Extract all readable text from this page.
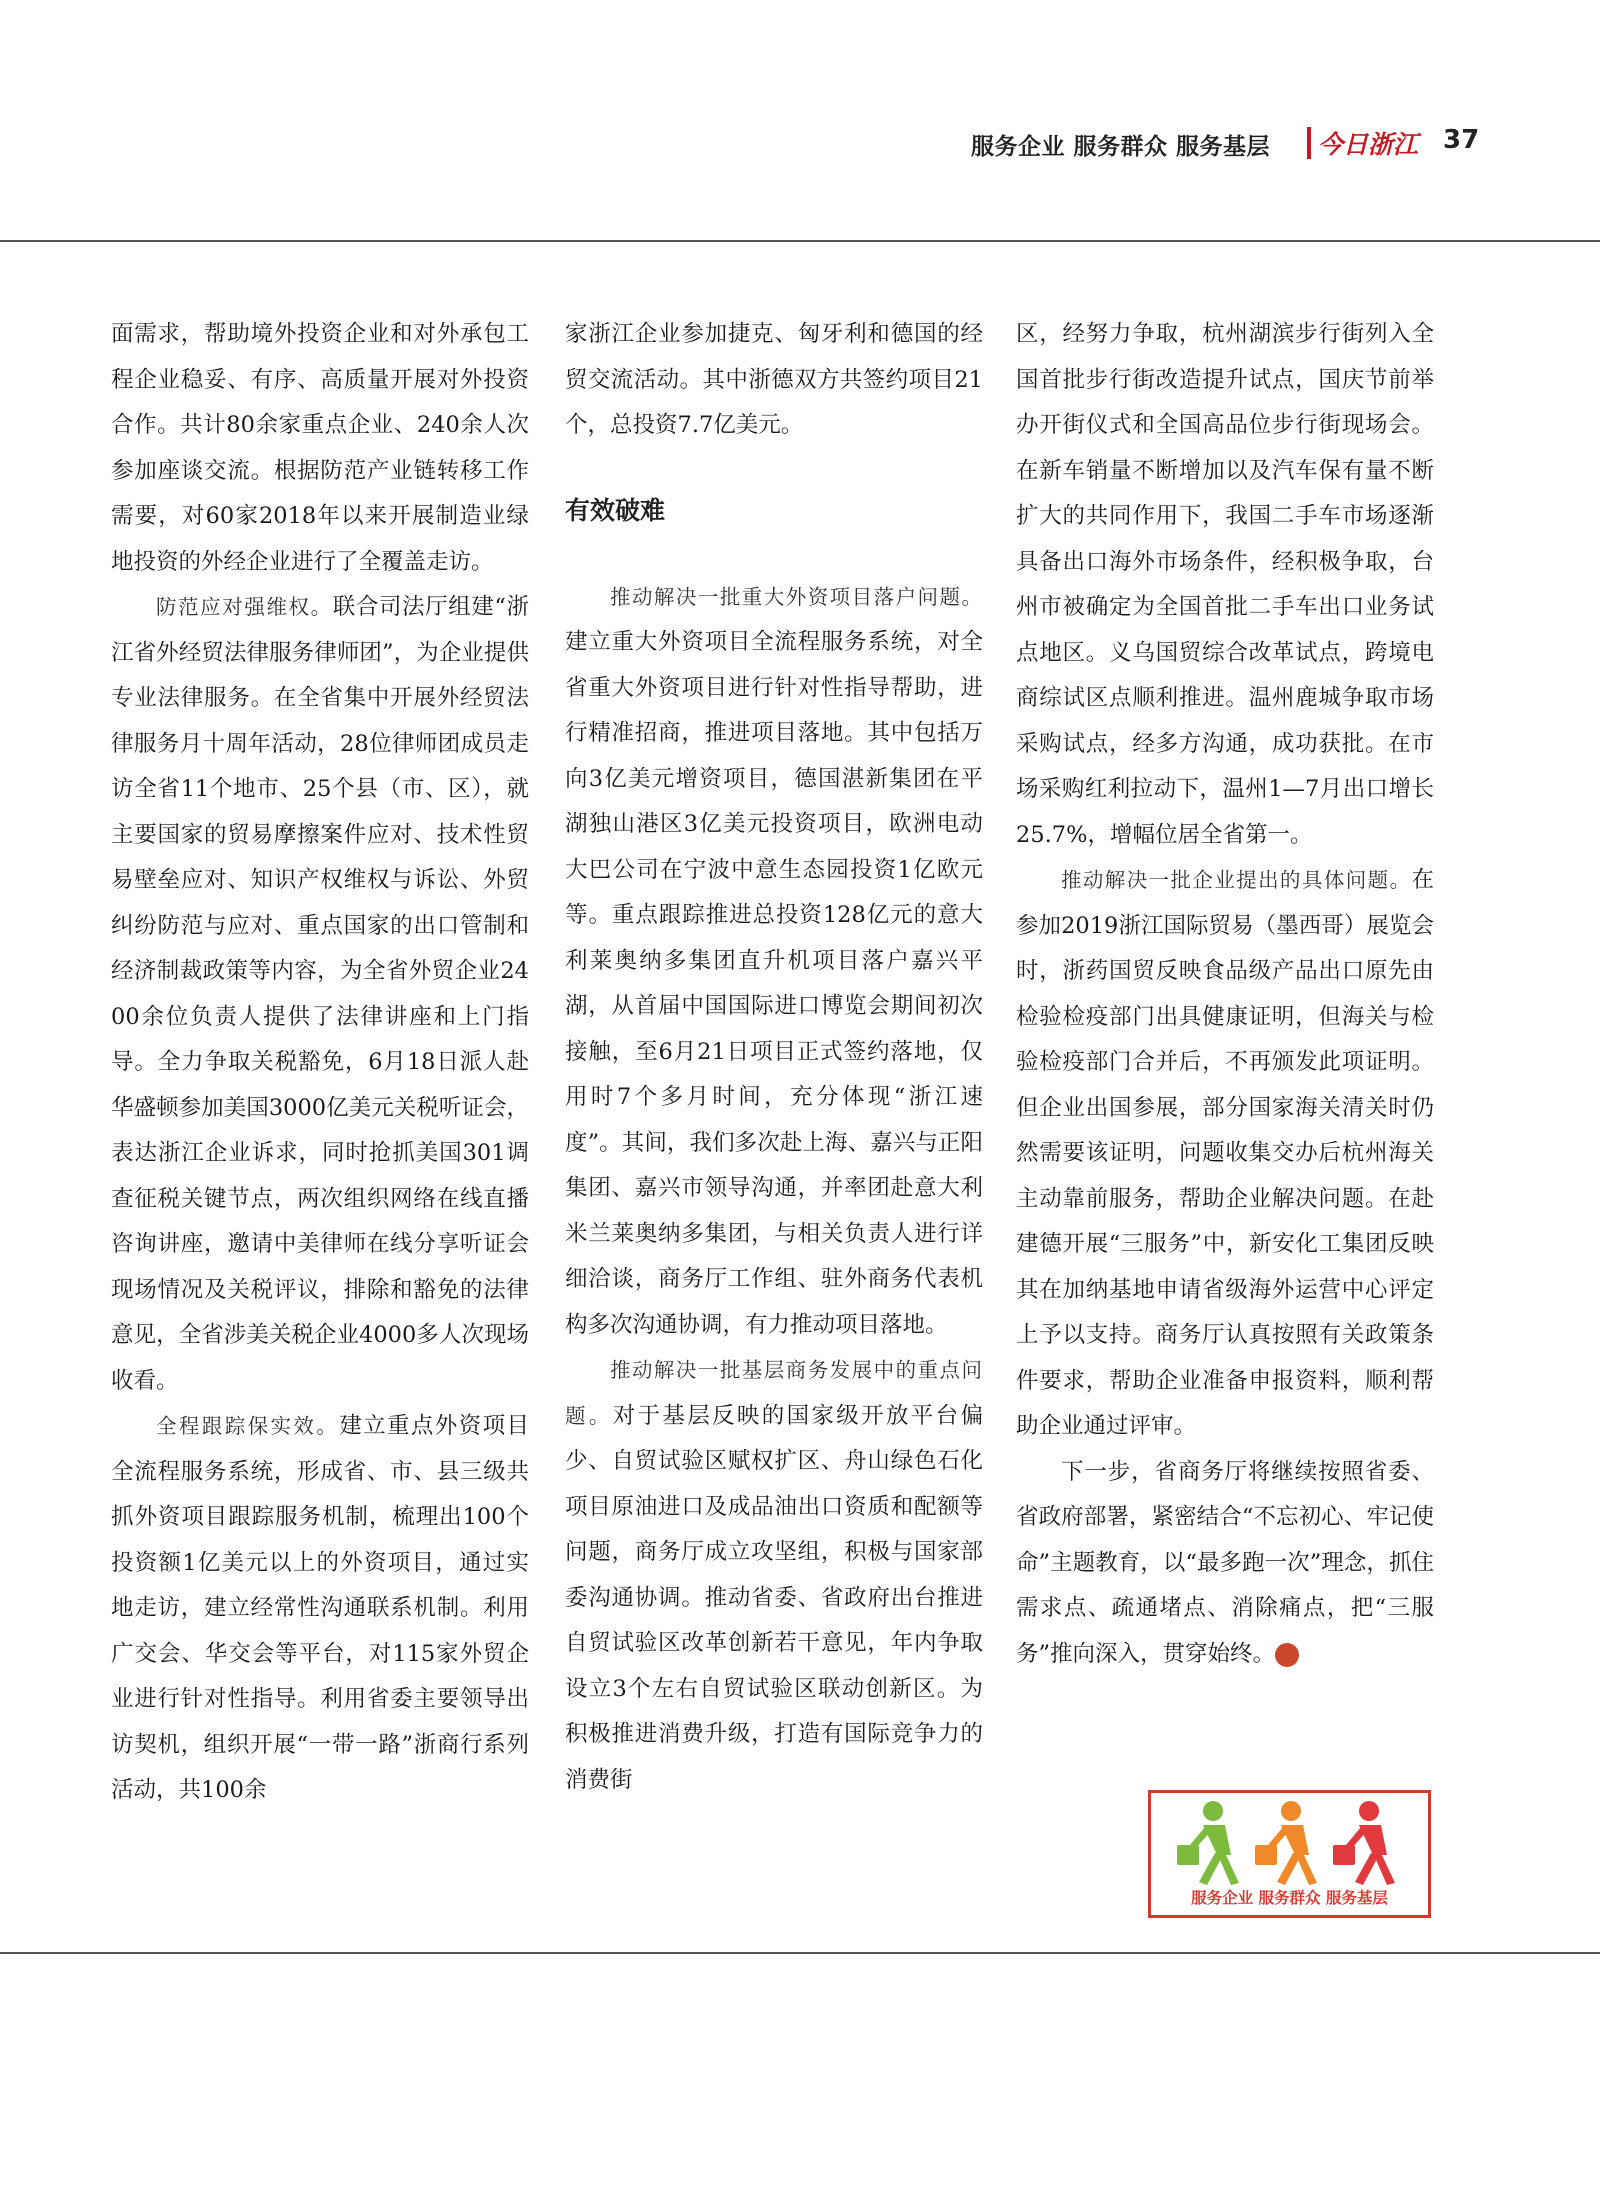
服务企业 服务群众 服务基层 今日浙江 37

面需求，帮助境外投资企业和对外承包工程企业稳妥、有序、高质量开展对外投资合作。共计80余家重点企业、240余人次参加座谈交流。根据防范产业链转移工作需要，对60家2018年以来开展制造业绿地投资的外经企业进行了全覆盖走访。

防范应对强维权。联合司法厅组建“浙江省外经贸法律服务律师团”，为企业提供专业法律服务。在全省集中开展外经贸法律服务月十周年活动，28位律师团成员走访全省11个地市、25个县（市、区），就主要国家的贸易摩擦案件应对、技术性贸易壁垒应对、知识产权维权与诉讼、外贸纠纷防范与应对、重点国家的出口管制和经济制裁政策等内容，为全省外贸企业2400余位负责人提供了法律讲座和上门指导。全力争取关税豁免，6月18日派人赴华盛顿参加美国3000亿美元关税听证会，表达浙江企业诉求，同时抢抓美国301调查征税关键节点，两次组织网络在线直播咨询讲座，邀请中美律师在线分享听证会现场情况及关税评议，排除和豁免的法律意见，全省涉美关税企业4000多人次现场收看。

全程跟踪保实效。建立重点外资项目全流程服务系统，形成省、市、县三级共抓外资项目跟踪服务机制，梳理出100个投资额1亿美元以上的外资项目，通过实地走访，建立经常性沟通联系机制。利用广交会、华交会等平台，对115家外贸企业进行针对性指导。利用省委主要领导出访契机，组织开展“一带一路”浙商行系列活动，共100余

家浙江企业参加捷克、匈牙利和德国的经贸交流活动。其中浙德双方共签约项目21个，总投资7.7亿美元。

有效破难

推动解决一批重大外资项目落户问题。建立重大外资项目全流程服务系统，对全省重大外资项目进行针对性指导帮助，进行精准招商，推进项目落地。其中包括万向3亿美元增资项目，德国湛新集团在平湖独山港区3亿美元投资项目，欧洲电动大巴公司在宁波中意生态园投资1亿欧元等。重点跟踪推进总投资128亿元的意大利莱奥纳多集团直升机项目落户嘉兴平湖，从首届中国国际进口博览会期间初次接触，至6月21日项目正式签约落地，仅用时7个多月时间，充分体现“浙江速度”。其间，我们多次赴上海、嘉兴与正阳集团、嘉兴市领导沟通，并率团赴意大利米兰莱奥纳多集团，与相关负责人进行详细洽谈，商务厅工作组、驻外商务代表机构多次沟通协调，有力推动项目落地。

推动解决一批基层商务发展中的重点问题。对于基层反映的国家级开放平台偏少、自贸试验区赋权扩区、舟山绿色石化项目原油进口及成品油出口资质和配额等问题，商务厅成立攻坚组，积极与国家部委沟通协调。推动省委、省政府出台推进自贸试验区改革创新若干意见，年内争取设立3个左右自贸试验区联动创新区。为积极推进消费升级，打造有国际竞争力的消费街

区，经努力争取，杭州湖滨步行街列入全国首批步行街改造提升试点，国庆节前举办开街仪式和全国高品位步行街现场会。在新车销量不断增加以及汽车保有量不断扩大的共同作用下，我国二手车市场逐渐具备出口海外市场条件，经积极争取，台州市被确定为全国首批二手车出口业务试点地区。义乌国贸综合改革试点，跨境电商综试区点顺利推进。温州鹿城争取市场采购试点，经多方沟通，成功获批。在市场采购红利拉动下，温州1—7月出口增长25.7%，增幅位居全省第一。

推动解决一批企业提出的具体问题。在参加2019浙江国际贸易（墨西哥）展览会时，浙药国贸反映食品级产品出口原先由检验检疫部门出具健康证明，但海关与检验检疫部门合并后，不再颁发此项证明。但企业出国参展，部分国家海关清关时仍然需要该证明，问题收集交办后杭州海关主动靠前服务，帮助企业解决问题。在赴建德开展“三服务”中，新安化工集团反映其在加纳基地申请省级海外运营中心评定上予以支持。商务厅认真按照有关政策条件要求，帮助企业准备申报资料，顺利帮助企业通过评审。

下一步，省商务厅将继续按照省委、省政府部署，紧密结合“不忘初心、牢记使命”主题教育，以“最多跑一次”理念，抓住需求点、疏通堵点、消除痛点，把“三服务”推向深入，贯穿始终。	今

服务企业 服务群众 服务基层
